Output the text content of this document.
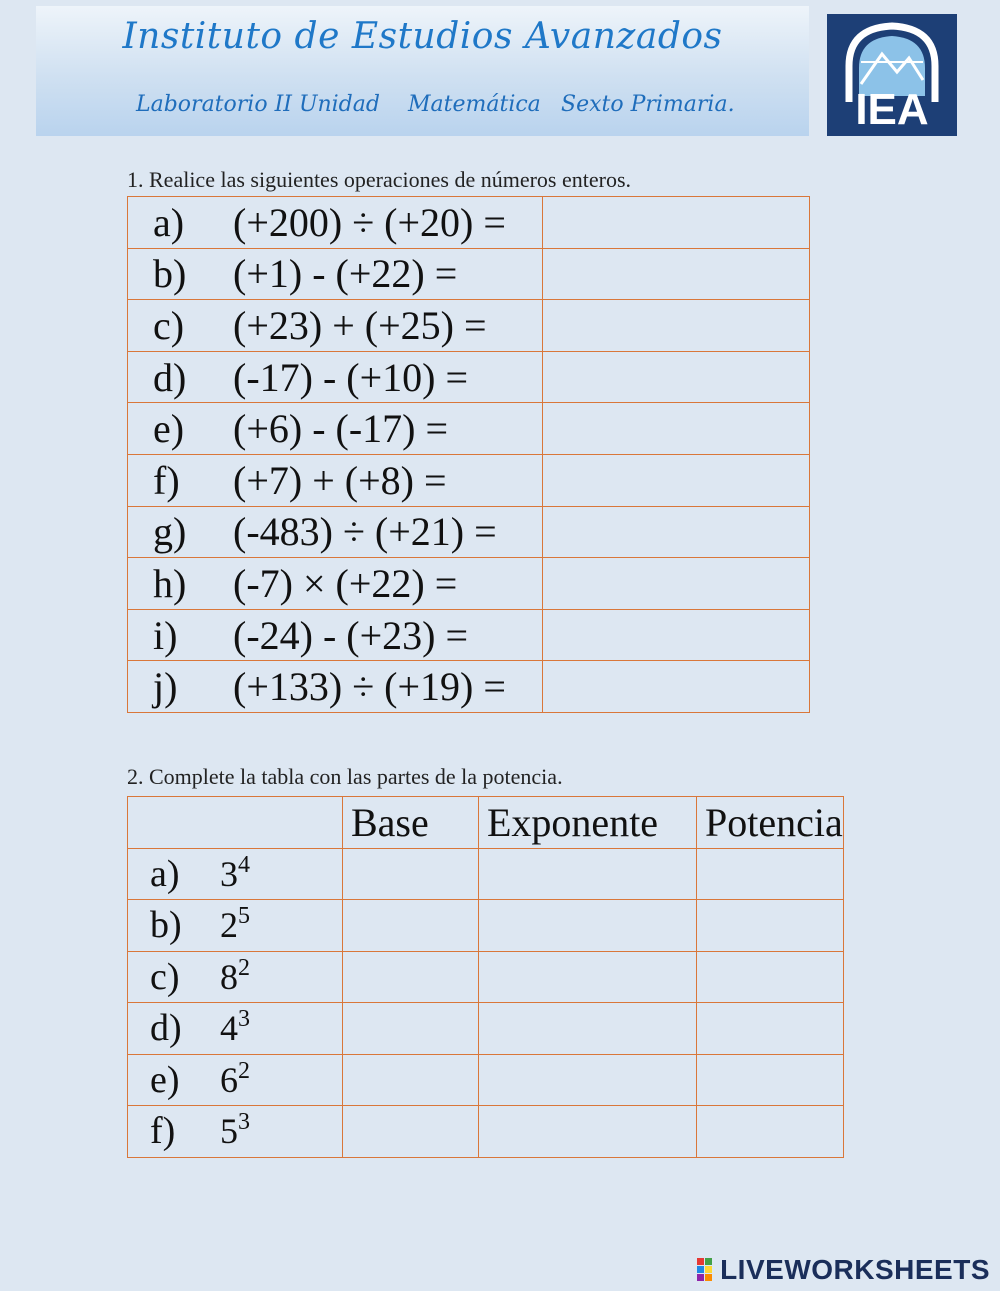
Instituto de Estudios Avanzados
Laboratorio II Unidad Matemática Sexto Primaria.	IEA
1. Realice las siguientes operaciones de números enteros.
a) (+200) ÷ (+20) =	
b) (+1) - (+22) =	
c) (+23) + (+25) =	
d) (-17) - (+10) =	
e) (+6) - (-17) =	
f) (+7) + (+8) =	
g) (-483) ÷ (+21) =	
h) (-7) × (+22) =	
i) (-24) - (+23) =	
j) (+133) ÷ (+19) =	
2. Complete la tabla con las partes de la potencia.
	Base	Exponente	Potencia
a) $3^4$			
b) $2^5$			
c) $8^2$			
d) $4^3$			
e) $6^2$			
f) $5^3$			
LIVEWORKSHEETS
